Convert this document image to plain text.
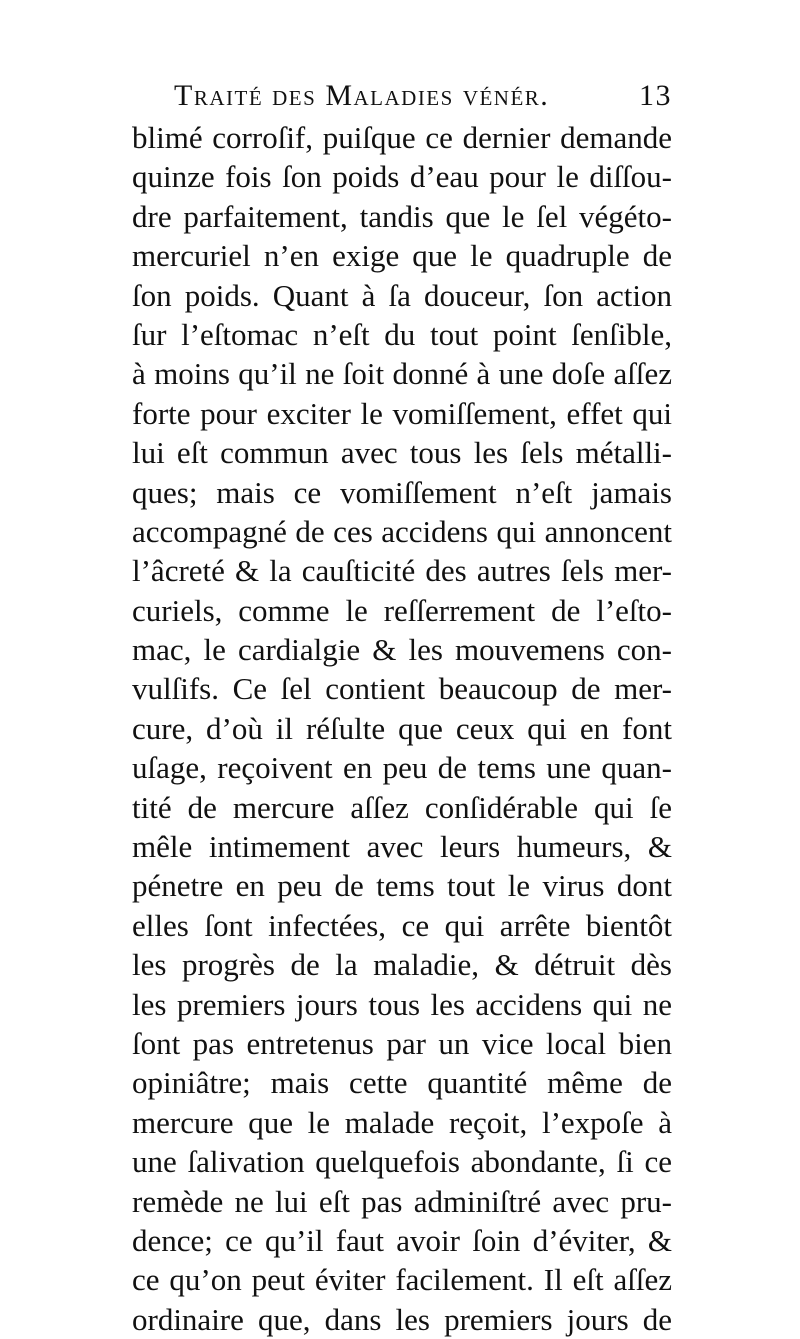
Traité des Maladies vénér.	13
blimé corroſif, puiſque ce dernier demande
quinze fois ſon poids d’eau pour le diſſou-
dre parfaitement, tandis que le ſel végéto-
mercuriel n’en exige que le quadruple de
ſon poids. Quant à ſa douceur, ſon action
ſur l’eſtomac n’eſt du tout point ſenſible,
à moins qu’il ne ſoit donné à une doſe aſſez
forte pour exciter le vomiſſement, effet qui
lui eſt commun avec tous les ſels métalli-
ques; mais ce vomiſſement n’eſt jamais
accompagné de ces accidens qui annoncent
l’âcreté & la cauſticité des autres ſels mer-
curiels, comme le reſſerrement de l’eſto-
mac, le cardialgie & les mouvemens con-
vulſifs. Ce ſel contient beaucoup de mer-
cure, d’où il réſulte que ceux qui en font
uſage, reçoivent en peu de tems une quan-
tité de mercure aſſez conſidérable qui ſe
mêle intimement avec leurs humeurs, &
pénetre en peu de tems tout le virus dont
elles ſont infectées, ce qui arrête bientôt
les progrès de la maladie, & détruit dès
les premiers jours tous les accidens qui ne
ſont pas entretenus par un vice local bien
opiniâtre; mais cette quantité même de
mercure que le malade reçoit, l’expoſe à
une ſalivation quelquefois abondante, ſi ce
remède ne lui eſt pas adminiſtré avec pru-
dence; ce qu’il faut avoir ſoin d’éviter, &
ce qu’on peut éviter facilement. Il eſt aſſez
ordinaire que, dans les premiers jours de
